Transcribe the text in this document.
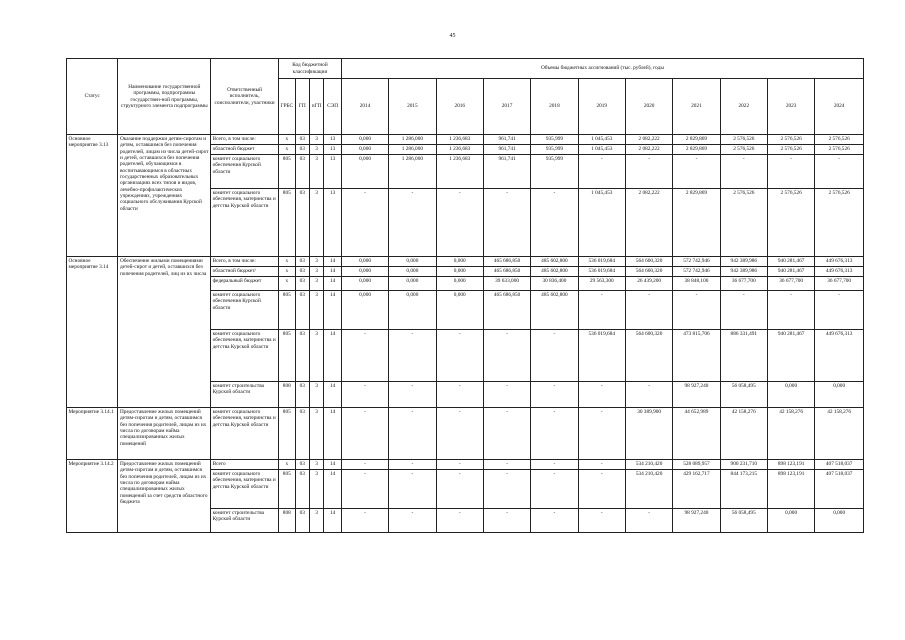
45
Статус	Наименование государственной программы, подпрограммы государствен-ной программы, структурного элемента подпрограммы	Ответственный исполнитель, соисполнители, участники	Код бюджетной классификации				Объемы бюджетных ассигнований (тыс. рублей), годы										
			ГРБС	ГП	пГП	СЭП	2014	2015	2016	2017	2018	2019	2020	2021	2022	2023	2024
Основное мероприятие 3.13	Оказание поддержки детям-сиротам и детям, оставшимся без попечения родителей, лицам из числа детей-сирот и детей, оставшихся без попечения родителей, обучающимся в воспитывающимся в областных государственных образовательных организациях всех типов и видов, лечебно-профилактических учреждениях, учреждениях социального обслуживания Курской области	Всего, в том числе:	x	03	3	13	0,000	1 286,000	1 236,683	961,741	935,999	1 045,453	2 082,222	2 829,869	2 576,526	2 576,526	2 576,526
		областной бюджет	x	03	3	13	0,000	1 286,000	1 236,683	961,741	935,999	1 045,453	2 082,222	2 829,869	2 576,526	2 576,526	2 576,526
		комитет социального обеспечения Курской области	805	03	3	13	0,000	1 286,000	1 236,683	961,741	935,999	-	-	-	-	-	-
		комитет социального обеспечения, материнства и детства Курской области	805	03	3	13	-	-	-	-	-	1 045,453	2 082,222	2 829,869	2 576,526	2 576,526	2 576,526
Основное мероприятие 3.14	Обеспечение жилыми помещениями детей-сирот и детей, оставшихся без попечения родителей, лиц из их числа	Всего, в том числе:	x	03	3	14	0,000	0,000	0,000	465 686,850	485 602,800	536 019,684	564 600,320	572 742,946	942 389,986	940 281,467	449 676,313
		областной бюджет/	x	03	3	14	0,000	0,000	0,000	465 686,850	485 602,800	536 019,684	564 600,320	572 742,946	942 389,986	940 281,467	449 676,313
		федеральный бюджет	x	03	3	14	0,000	0,000	0,000	39 633,000	30 836,400	29 563,300	26 439,200	38 848,100	36 677,700	36 677,700	36 677,700
		комитет социального обеспечения Курской области	805	03	3	14	0,000	0,000	0,000	465 686,850	485 602,800	-	-	-	-	-	-
		комитет социального обеспечения, материнства и детства Курской области	805	03	3	14	-	-	-	-	-	536 019,684	564 600,320	473 815,706	886 331,491	940 281,467	449 676,313
		комитет строительства Курской области	808	03	3	14	-	-	-	-	-	-	-	98 927,240	56 058,495	0,000	0,000
Мероприятие 3.14.1	Предоставление жилых помещений детям-сиротам и детям, оставшимся без попечения родителей, лицам из их числа по договорам найма специализированных жилых помещений	комитет социального обеспечения, материнства и детства Курской области	805	03	3	14	-	-	-	-	-	-	30 389,900	44 652,989	42 158,276	42 158,276	42 158,276
Мероприятие 3.14.2	Предоставление жилых помещений детям-сиротам и детям, оставшимся без попечения родителей, лицам из их числа по договорам найма специализированных жилых помещений за счет средств областного бюджета	Всего	x	03	3	14	-	-	-	-	-	-	534 210,420	528 089,957	900 231,710	898 123,191	407 518,037
		комитет социального обеспечения, материнства и детства Курской области	805	03	3	14	-	-	-	-	-	-	534 210,420	429 162,717	844 173,215	898 123,191	407 518,037
		комитет строительства Курской области	808	03	3	14	-	-	-	-	-	-	-	98 927,240	56 058,495	0,000	0,000
